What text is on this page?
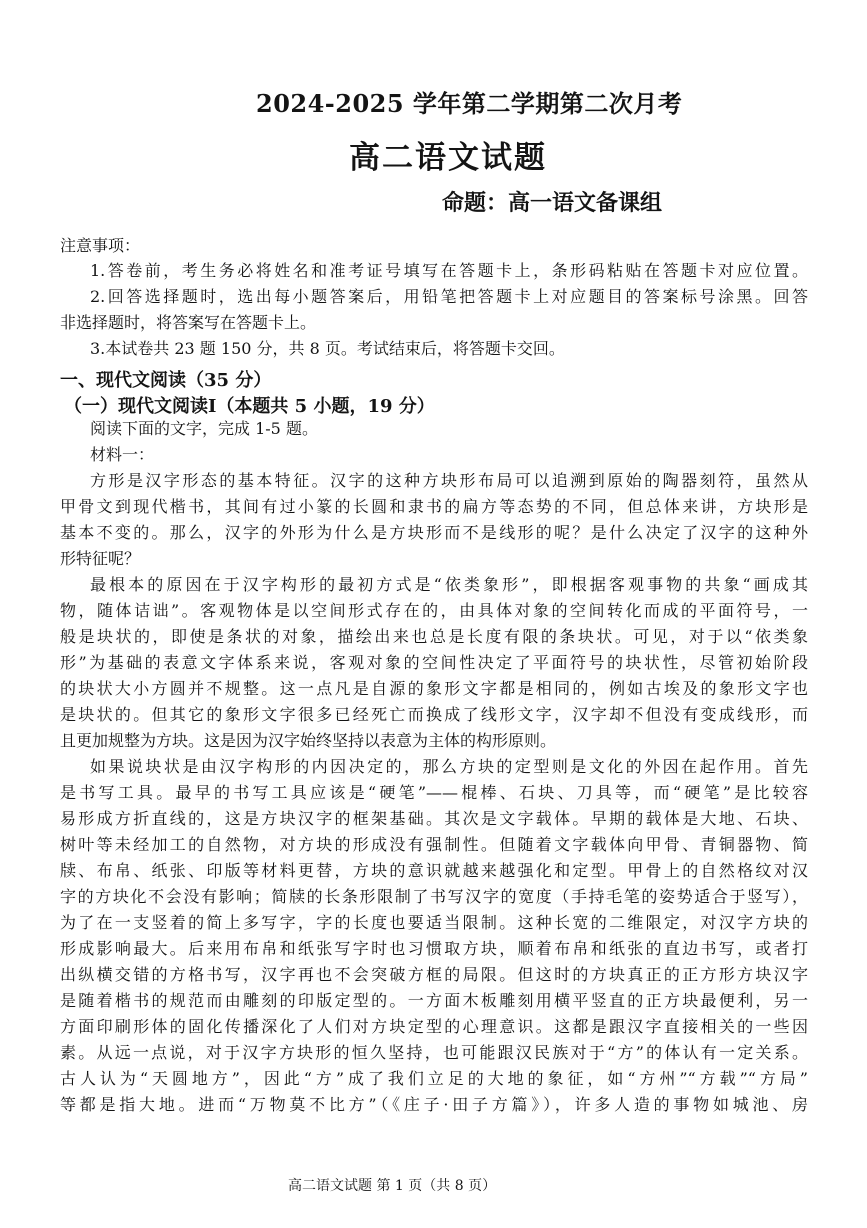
2024-2025 学年第二学期第二次月考
高二语文试题
命题：高一语文备课组
注意事项：
1.答卷前，考生务必将姓名和准考证号填写在答题卡上，条形码粘贴在答题卡对应位置。
2.回答选择题时，选出每小题答案后，用铅笔把答题卡上对应题目的答案标号涂黑。回答
非选择题时，将答案写在答题卡上。
3.本试卷共 23 题 150 分，共 8 页。考试结束后，将答题卡交回。
一、现代文阅读（35 分）
（一）现代文阅读Ⅰ（本题共 5 小题，19 分）
阅读下面的文字，完成 1-5 题。
材料一：
方形是汉字形态的基本特征。汉字的这种方块形布局可以追溯到原始的陶器刻符，虽然从
甲骨文到现代楷书，其间有过小篆的长圆和隶书的扁方等态势的不同，但总体来讲，方块形是
基本不变的。那么，汉字的外形为什么是方块形而不是线形的呢？是什么决定了汉字的这种外
形特征呢？
最根本的原因在于汉字构形的最初方式是“依类象形”，即根据客观事物的共象“画成其
物，随体诘诎”。客观物体是以空间形式存在的，由具体对象的空间转化而成的平面符号，一
般是块状的，即使是条状的对象，描绘出来也总是长度有限的条块状。可见，对于以“依类象
形”为基础的表意文字体系来说，客观对象的空间性决定了平面符号的块状性，尽管初始阶段
的块状大小方圆并不规整。这一点凡是自源的象形文字都是相同的，例如古埃及的象形文字也
是块状的。但其它的象形文字很多已经死亡而换成了线形文字，汉字却不但没有变成线形，而
且更加规整为方块。这是因为汉字始终坚持以表意为主体的构形原则。
如果说块状是由汉字构形的内因决定的，那么方块的定型则是文化的外因在起作用。首先
是书写工具。最早的书写工具应该是“硬笔”——棍棒、石块、刀具等，而“硬笔”是比较容
易形成方折直线的，这是方块汉字的框架基础。其次是文字载体。早期的载体是大地、石块、
树叶等未经加工的自然物，对方块的形成没有强制性。但随着文字载体向甲骨、青铜器物、简
牍、布帛、纸张、印版等材料更替，方块的意识就越来越强化和定型。甲骨上的自然格纹对汉
字的方块化不会没有影响；简牍的长条形限制了书写汉字的宽度（手持毛笔的姿势适合于竖写），
为了在一支竖着的简上多写字，字的长度也要适当限制。这种长宽的二维限定，对汉字方块的
形成影响最大。后来用布帛和纸张写字时也习惯取方块，顺着布帛和纸张的直边书写，或者打
出纵横交错的方格书写，汉字再也不会突破方框的局限。但这时的方块真正的正方形方块汉字
是随着楷书的规范而由雕刻的印版定型的。一方面木板雕刻用横平竖直的正方块最便利，另一
方面印刷形体的固化传播深化了人们对方块定型的心理意识。这都是跟汉字直接相关的一些因
素。从远一点说，对于汉字方块形的恒久坚持，也可能跟汉民族对于“方”的体认有一定关系。
古人认为“天圆地方”，因此“方”成了我们立足的大地的象征，如“方州”“方载”“方局”
等都是指大地。进而“万物莫不比方”（《庄子·田子方篇》），许多人造的事物如城池、房
高二语文试题 第 1 页（共 8 页）
